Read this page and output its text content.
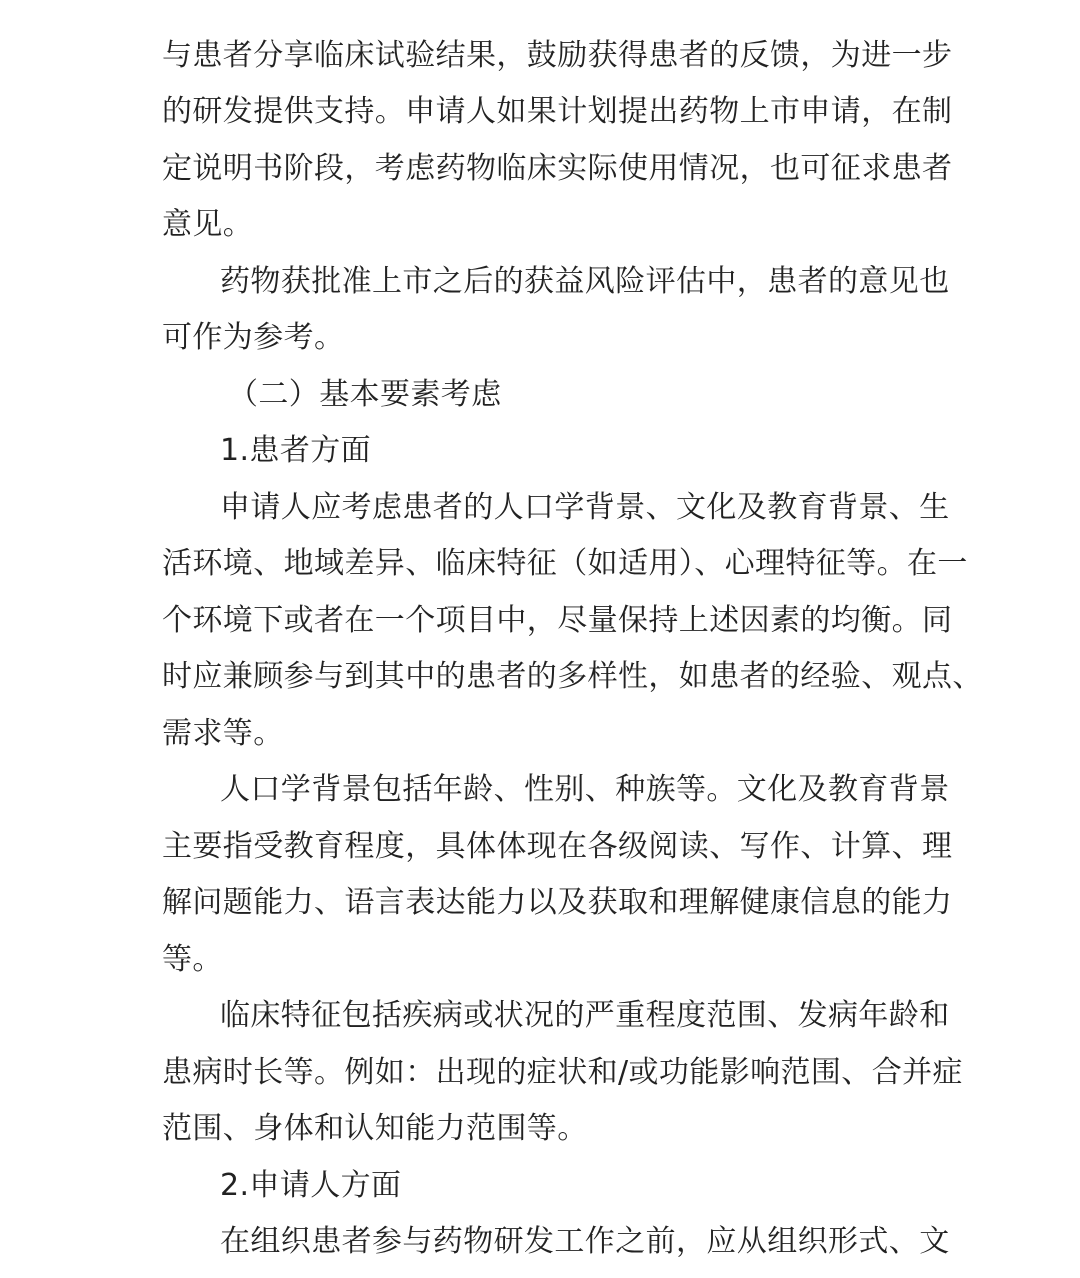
与患者分享临床试验结果，鼓励获得患者的反馈，为进一步
的研发提供支持。申请人如果计划提出药物上市申请，在制
定说明书阶段，考虑药物临床实际使用情况，也可征求患者
意见。
药物获批准上市之后的获益风险评估中，患者的意见也
可作为参考。
（二）基本要素考虑
1.患者方面
申请人应考虑患者的人口学背景、文化及教育背景、生
活环境、地域差异、临床特征（如适用）、心理特征等。在一
个环境下或者在一个项目中，尽量保持上述因素的均衡。同
时应兼顾参与到其中的患者的多样性，如患者的经验、观点、
需求等。
人口学背景包括年龄、性别、种族等。文化及教育背景
主要指受教育程度，具体体现在各级阅读、写作、计算、理
解问题能力、语言表达能力以及获取和理解健康信息的能力
等。
临床特征包括疾病或状况的严重程度范围、发病年龄和
患病时长等。例如：出现的症状和/或功能影响范围、合并症
范围、身体和认知能力范围等。
2.申请人方面
在组织患者参与药物研发工作之前，应从组织形式、文
